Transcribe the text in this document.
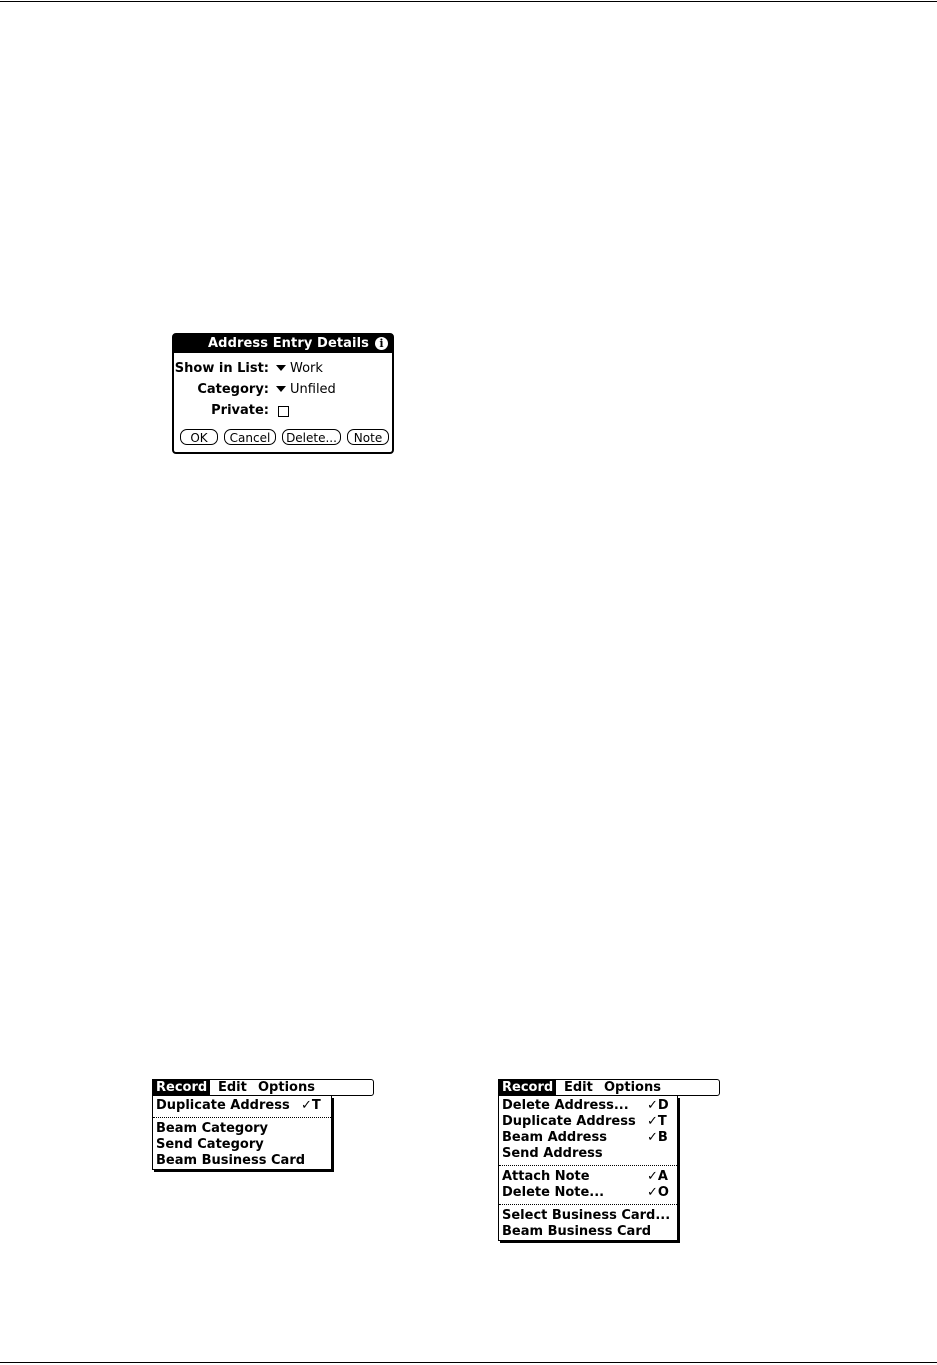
Address Entry Details i
Show in List:	Work
Category:	Unfiled
Private:
OK	Cancel	Delete...	Note
Record Edit Options
Duplicate Address ✓T
Beam Category
Send Category
Beam Business Card
Record Edit Options
Delete Address... ✓D
Duplicate Address ✓T
Beam Address	✓B
Send Address
Attach Note	✓A
Delete Note...	✓O
Select Business Card...
Beam Business Card
